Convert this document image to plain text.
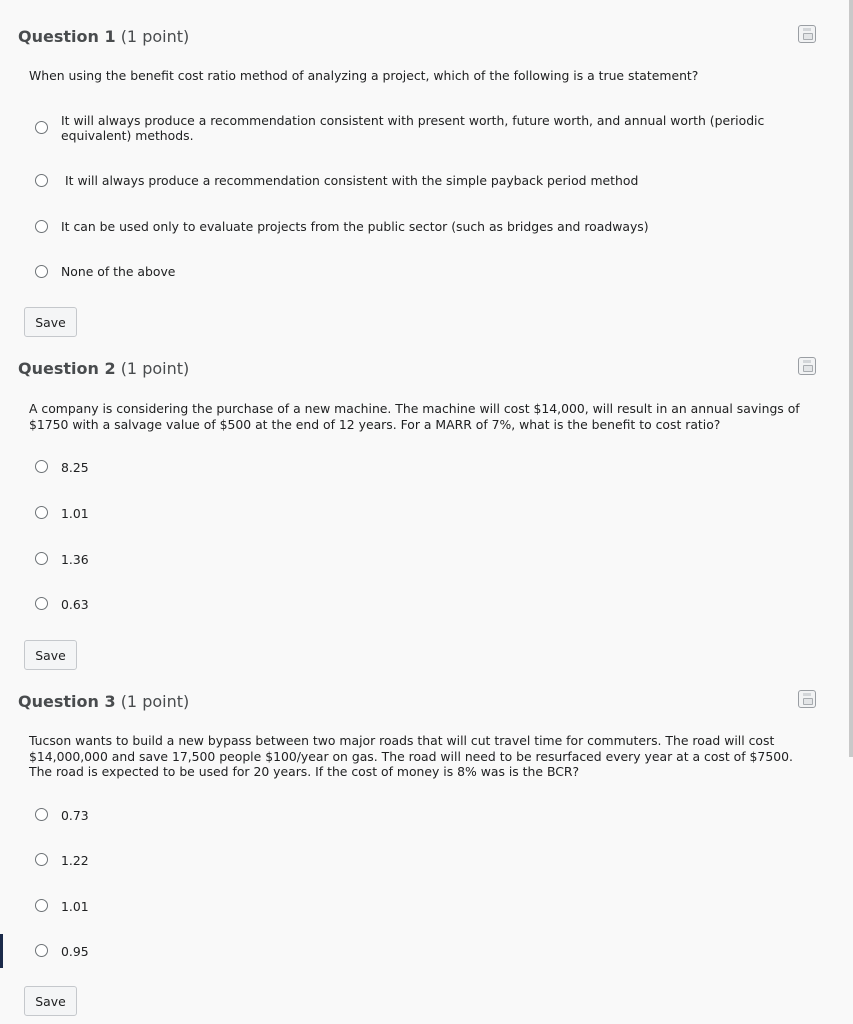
Question 1 (1 point)
When using the benefit cost ratio method of analyzing a project, which of the following is a true statement?
It will always produce a recommendation consistent with present worth, future worth, and annual worth (periodic equivalent) methods.
It will always produce a recommendation consistent with the simple payback period method
It can be used only to evaluate projects from the public sector (such as bridges and roadways)
None of the above
Save
Question 2 (1 point)
A company is considering the purchase of a new machine. The machine will cost $14,000, will result in an annual savings of $1750 with a salvage value of $500 at the end of 12 years. For a MARR of 7%, what is the benefit to cost ratio?
8.25
1.01
1.36
0.63
Save
Question 3 (1 point)
Tucson wants to build a new bypass between two major roads that will cut travel time for commuters. The road will cost $14,000,000 and save 17,500 people $100/year on gas. The road will need to be resurfaced every year at a cost of $7500. The road is expected to be used for 20 years. If the cost of money is 8% was is the BCR?
0.73
1.22
1.01
0.95
Save
